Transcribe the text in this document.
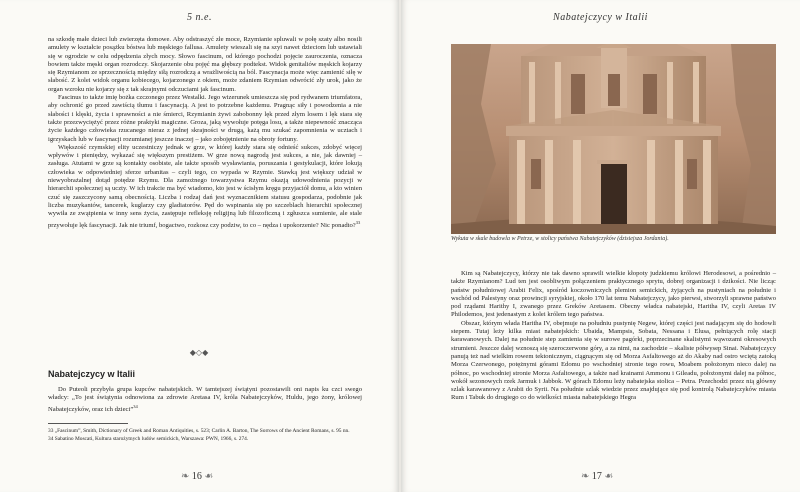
5 n.e.

na szkodę małe dzieci lub zwierzęta domowe. Aby odstraszyć złe moce, Rzymianie spluwali w połę szaty albo nosili amulety w kształcie posążku bóstwa lub męskiego fallusa. Amulety wieszali się na szyi nawet dzieciom lub ustawiali się w ogrodzie w celu odpędzenia złych mocy. Słowo fascinum, od którego pochodzi pojęcie zauroczenia, oznacza bowiem także męski organ rozrodczy. Skojarzenie obu pojęć ma głębszy podtekst. Widok genitaliów męskich kojarzy się Rzymianom ze sprzecznością między siłą rozrodczą a wrażliwością na ból. Fascynacja może więc zamienić siłę w słabość. Z kolei widok organu kobiecego, kojarzonego z okiem, może zdaniem Rzymian odwrócić zły urok, jako że organ wzroku nie kojarzy się z tak skrajnymi odczuciami jak fascinum.

Fascinus to także imię bożka czczonego przez Westalki. Jego wizerunek umieszcza się pod rydwanem triumfatora, aby ochronić go przed zawiścią tłumu i fascynacją. A jest to potrzebne każdemu. Pragnąc siły i powodzenia a nie słabości i klęski, życia i sprawności a nie śmierci, Rzymianin żywi zabobonny lęk przed złym losem i lęk stara się także przezwyciężyć przez różne praktyki magiczne. Groza, jaką wywołuje potęga losu, a także niepewność znacząca życie każdego człowieka rzucanego nieraz z jednej skrajności w drugą, każą mu szukać zapomnienia w ucztach i igrzyskach lub w fascynacji rozumianej jeszcze inaczej – jako zobojętnienie na obroty fortuny.

Większość rzymskiej elity uczestniczy jednak w grze, w której każdy stara się odnieść sukces, zdobyć więcej wpływów i pieniędzy, wykazać się większym prestiżem. W grze nową nagrodą jest sukces, a nie, jak dawniej – zasługa. Atutami w grze są kontakty osobiste, ale także sposób wysławiania, poruszania i gestykulacji, które lokują człowieka w odpowiedniej sferze urbanitas – czyli tego, co wypada w Rzymie. Stawką jest większy udział w niewyobrażalnej dotąd potędze Rzymu. Dla zamożnego towarzystwa Rzymu okazją udowodnienia pozycji w hierarchii społecznej są uczty. W ich trakcie ma być wiadomo, kto jest w ścisłym kręgu przyjaciół domu, a kto winien czuć się zaszczycony samą obecnością. Liczba i rodzaj dań jest wyznacznikiem statusu gospodarza, podobnie jak liczba muzykantów, tancerek, kuglarzy czy gladiatorów. Pęd do wspinania się po szczeblach hierarchii społecznej wywiła ze zwątpienia w inny sens życia, zastępuje refleksję religijną lub filozoficzną i zgłuszca sumienie, ale stale przywołuje lęk fascynacji. Jak nie triumf, bogactwo, rozkosz czy podziw, to co – nędza i upokorzenie? Nic ponadto?$^{33}$

◆◇◆
Nabatejczycy w Italii

Do Puteoli przybyła grupa kupców nabatejskich. W tamtejszej świątyni pozostawili oni napis ku czci swego władcy: „To jest świątynia odnowiona za zdrowie Aretasa IV, króla Nabatejczyków, Huldu, jego żony, królowej Nabatejczyków, oraz ich dzieci”$^{34}$

33 „Fascinum”, Smith, Dictionary of Greek and Roman Antiquities, s. 523; Carlin A. Barton, The Sorrows of the Ancient Romans, s. 95 nn.

34 Sabatino Moscati, Kultura starożytnych ludów semickich, Warszawa: PWN, 1966, s. 274.

❧ 16 ☙
Nabatejczycy w Italii
Wykuta w skale budowla w Petrze, w stolicy państwa Nabatejczyków (dzisiejsza Jordania).

Kim są Nabatejczycy, którzy nie tak dawno sprawili wielkie kłopoty judzkiemu królowi Herodesowi, a pośrednio – także Rzymianom? Lud ten jest osobliwym połączeniem praktycznego sprytu, dobrej organizacji i dzikości. Nie licząc państw południowej Arabii Felix, spośród koczowniczych plemion semickich, żyjących na pustyniach na południe i wschód od Palestyny oraz prowincji syryjskiej, około 170 lat temu Nabatejczycy, jako pierwsi, stworzyli sprawne państwo pod rządami Harithy I, zwanego przez Greków Aretasem. Obecny władca nabatejski, Haritha IV, czyli Aretas IV Philodemos, jest jedenastym z kolei królem tego państwa.

Obszar, którym włada Haritha IV, obejmuje na południu pustynię Negew, której części jest nadającym się do hodowli stepem. Tutaj leży kilka miast nabatejskich: Ubaida, Mampsis, Sobata, Nessana i Elusa, pełniących rolę stacji karawanowych. Dalej na południe step zamienia się w surowe pagórki, poprzecinane skalistymi wąwozami okresowych strumieni. Jeszcze dalej wznoszą się szeroczerwone góry, a za nimi, na zachodzie – skaliste półwysep Sinai. Nabatejczycy panują też nad wielkim rowem tektonicznym, ciągnącym się od Morza Asfaltowego aż do Akaby nad ostro wciętą zatoką Morza Czerwonego, potężnymi górami Edomu po wschodniej stronie tego rowu, Moabem położonym nieco dalej na północ, po wschodniej stronie Morza Asfaltowego, a także nad krainami Ammonu i Gileadu, położonymi dalej na północ, wokół sezonowych rzek Jarmuk i Jabbok. W górach Edomu leży nabatejska stolica – Petra. Przechodzi przez nią główny szlak karawanowy z Arabii do Syrii. Na południe szlak wiedzie przez znajdujące się pod kontrolą Nabatejczyków miasta Rum i Tabuk do drugiego co do wielkości miasta nabatejskiego Hegra

❧ 17 ☙
